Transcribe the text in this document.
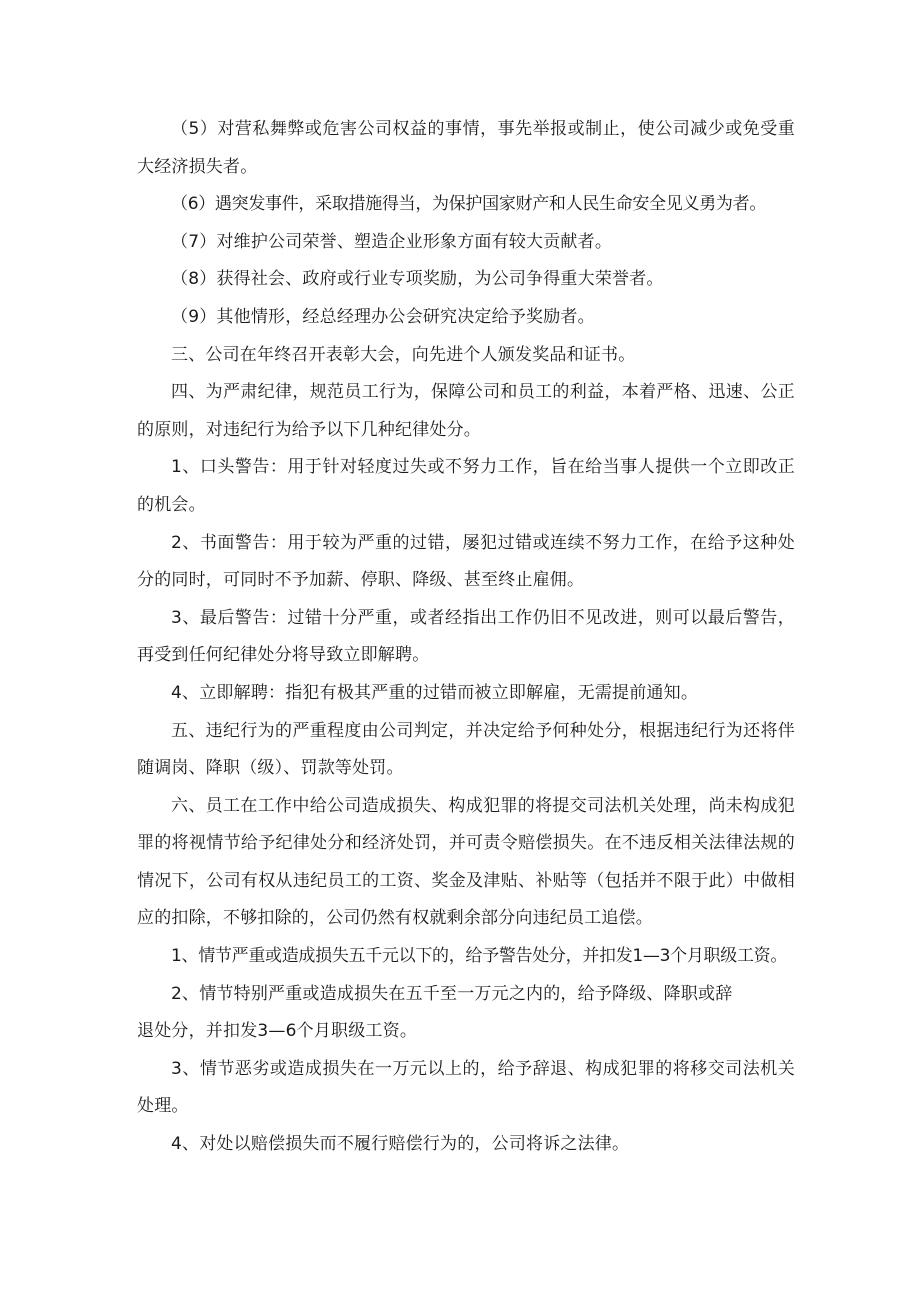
（5）对营私舞弊或危害公司权益的事情，事先举报或制止，使公司减少或免受重大经济损失者。

（6）遇突发事件，采取措施得当，为保护国家财产和人民生命安全见义勇为者。

（7）对维护公司荣誉、塑造企业形象方面有较大贡献者。

（8）获得社会、政府或行业专项奖励，为公司争得重大荣誉者。

（9）其他情形，经总经理办公会研究决定给予奖励者。

三、公司在年终召开表彰大会，向先进个人颁发奖品和证书。

四、为严肃纪律，规范员工行为，保障公司和员工的利益，本着严格、迅速、公正的原则，对违纪行为给予以下几种纪律处分。

1、口头警告：用于针对轻度过失或不努力工作，旨在给当事人提供一个立即改正的机会。

2、书面警告：用于较为严重的过错，屡犯过错或连续不努力工作，在给予这种处分的同时，可同时不予加薪、停职、降级、甚至终止雇佣。

3、最后警告：过错十分严重，或者经指出工作仍旧不见改进，则可以最后警告，再受到任何纪律处分将导致立即解聘。

4、立即解聘：指犯有极其严重的过错而被立即解雇，无需提前通知。

五、违纪行为的严重程度由公司判定，并决定给予何种处分，根据违纪行为还将伴随调岗、降职（级）、罚款等处罚。

六、员工在工作中给公司造成损失、构成犯罪的将提交司法机关处理，尚未构成犯罪的将视情节给予纪律处分和经济处罚，并可责令赔偿损失。在不违反相关法律法规的情况下，公司有权从违纪员工的工资、奖金及津贴、补贴等（包括并不限于此）中做相应的扣除，不够扣除的，公司仍然有权就剩余部分向违纪员工追偿。

1、情节严重或造成损失五千元以下的，给予警告处分，并扣发1—3个月职级工资。

2、情节特别严重或造成损失在五千至一万元之内的，给予降级、降职或辞

退处分，并扣发3—6个月职级工资。

3、情节恶劣或造成损失在一万元以上的，给予辞退、构成犯罪的将移交司法机关处理。

4、对处以赔偿损失而不履行赔偿行为的，公司将诉之法律。
